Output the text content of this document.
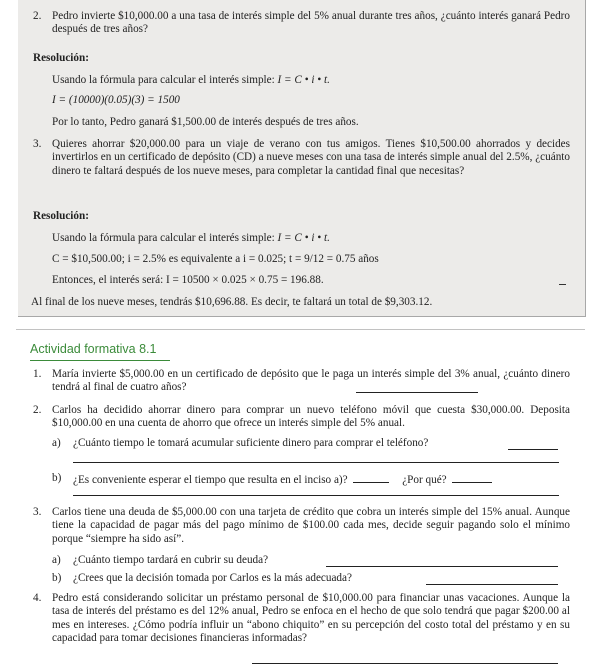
2. Pedro invierte $10,000.00 a una tasa de interés simple del 5% anual durante tres años, ¿cuánto interés ganará Pedro después de tres años?
Resolución:
Usando la fórmula para calcular el interés simple: I = C • i • t.
I = (10000)(0.05)(3) = 1500
Por lo tanto, Pedro ganará $1,500.00 de interés después de tres años.
3. Quieres ahorrar $20,000.00 para un viaje de verano con tus amigos. Tienes $10,500.00 ahorrados y decides invertirlos en un certificado de depósito (CD) a nueve meses con una tasa de interés simple anual del 2.5%, ¿cuánto dinero te faltará después de los nueve meses, para completar la cantidad final que necesitas?
Resolución:
Usando la fórmula para calcular el interés simple: I = C • i • t.
C = $10,500.00; i = 2.5% es equivalente a i = 0.025; t = 9/12 = 0.75 años
Entonces, el interés será: I = 10500 × 0.025 × 0.75 = 196.88.
Al final de los nueve meses, tendrás $10,696.88. Es decir, te faltará un total de $9,303.12.
Actividad formativa 8.1
1. María invierte $5,000.00 en un certificado de depósito que le paga un interés simple del 3% anual, ¿cuánto dinero tendrá al final de cuatro años?
2. Carlos ha decidido ahorrar dinero para comprar un nuevo teléfono móvil que cuesta $30,000.00. Deposita $10,000.00 en una cuenta de ahorro que ofrece un interés simple del 5% anual.
a) ¿Cuánto tiempo le tomará acumular suficiente dinero para comprar el teléfono?
b) ¿Es conveniente esperar el tiempo que resulta en el inciso a)?	¿Por qué?
3. Carlos tiene una deuda de $5,000.00 con una tarjeta de crédito que cobra un interés simple del 15% anual. Aunque tiene la capacidad de pagar más del pago mínimo de $100.00 cada mes, decide seguir pagando solo el mínimo porque “siempre ha sido así”.
a) ¿Cuánto tiempo tardará en cubrir su deuda?
b) ¿Crees que la decisión tomada por Carlos es la más adecuada?
4. Pedro está considerando solicitar un préstamo personal de $10,000.00 para financiar unas vacaciones. Aunque la tasa de interés del préstamo es del 12% anual, Pedro se enfoca en el hecho de que solo tendrá que pagar $200.00 al mes en intereses. ¿Cómo podría influir un “abono chiquito” en su percepción del costo total del préstamo y en su capacidad para tomar decisiones financieras informadas?
